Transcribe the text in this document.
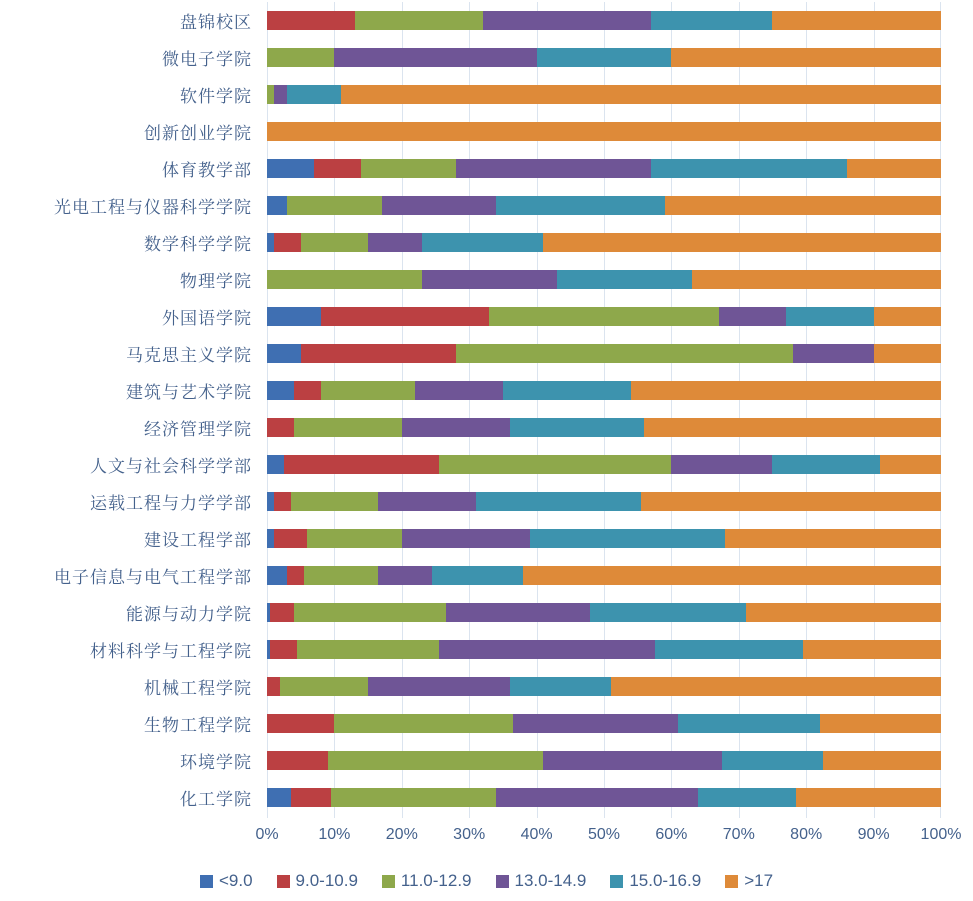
盘锦校区
微电子学院
软件学院
创新创业学院
体育教学部
光电工程与仪器科学学院
数学科学学院
物理学院
外国语学院
马克思主义学院
建筑与艺术学院
经济管理学院
人文与社会科学学部
运载工程与力学学部
建设工程学部
电子信息与电气工程学部
能源与动力学院
材料科学与工程学院
机械工程学院
生物工程学院
环境学院
化工学院
0% 10% 20% 30% 40% 50% 60% 70% 80% 90% 100%
<9.0	9.0-10.9	11.0-12.9	13.0-14.9	15.0-16.9	>17
